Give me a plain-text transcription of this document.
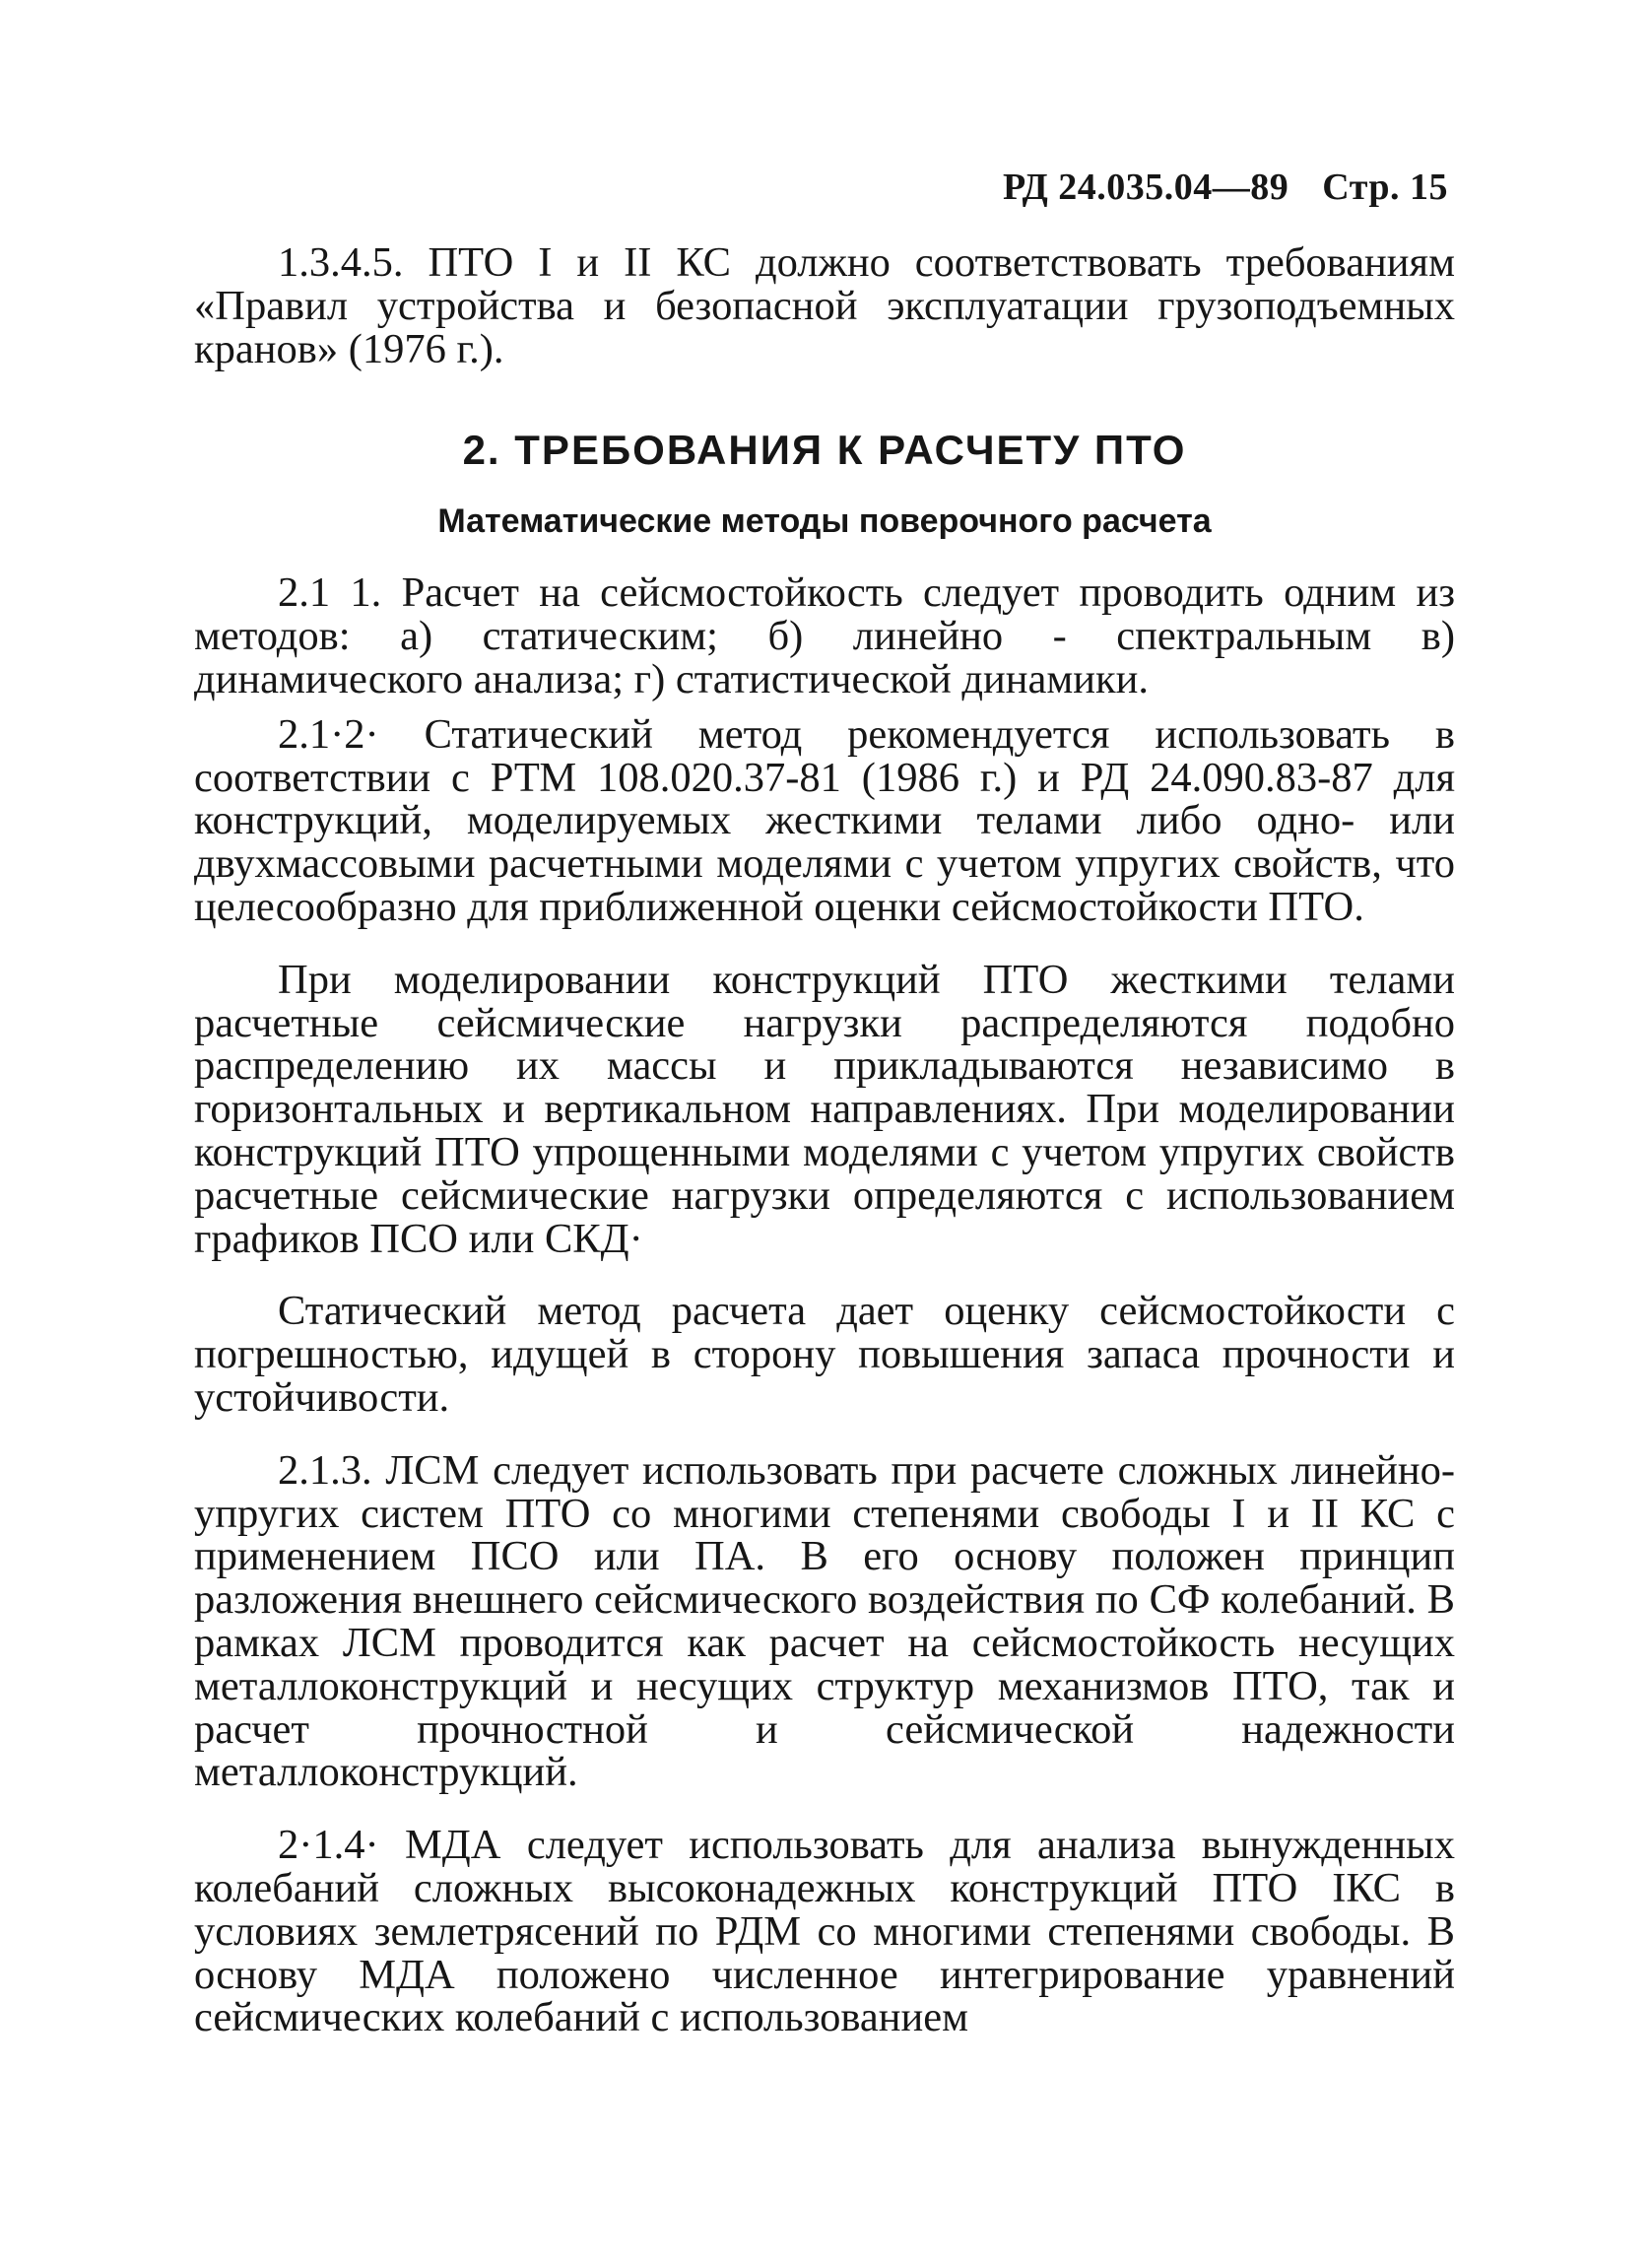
РД 24.035.04—89 Стр. 15

1.3.4.5. ПТО I и II КС должно соответствовать требованиям «Правил устройства и безопасной эксплуатации грузоподъемных кранов» (1976 г.).

2. ТРЕБОВАНИЯ К РАСЧЕТУ ПТО
Математические методы поверочного расчета

2.1 1. Расчет на сейсмостойкость следует проводить одним из методов: а) статическим; б) линейно - спектральным в) динамического анализа; г) статистической динамики.

2.1·2· Статический метод рекомендуется использовать в соответствии с РТМ 108.020.37-81 (1986 г.) и РД 24.090.83-87 для конструкций, моделируемых жесткими телами либо одно- или двухмассовыми расчетными моделями с учетом упругих свойств, что целесообразно для приближенной оценки сейсмостойкости ПТО.

При моделировании конструкций ПТО жесткими телами расчетные сейсмические нагрузки распределяются подобно распределению их массы и прикладываются независимо в горизонтальных и вертикальном направлениях. При моделировании конструкций ПТО упрощенными моделями с учетом упругих свойств расчетные сейсмические нагрузки определяются с использованием графиков ПСО или СКД·

Статический метод расчета дает оценку сейсмостойкости с погрешностью, идущей в сторону повышения запаса прочности и устойчивости.

2.1.3. ЛСМ следует использовать при расчете сложных линейно-упругих систем ПТО со многими степенями свободы I и II КС с применением ПСО или ПА. В его основу положен принцип разложения внешнего сейсмического воздействия по СФ колебаний. В рамках ЛСМ проводится как расчет на сейсмостойкость несущих металлоконструкций и несущих структур механизмов ПТО, так и расчет прочностной и сейсмической надежности металлоконструкций.

2·1.4· МДА следует использовать для анализа вынужденных колебаний сложных высоконадежных конструкций ПТО IКС в условиях землетрясений по РДМ со многими степенями свободы. В основу МДА положено численное интегрирование уравнений сейсмических колебаний с использованием
